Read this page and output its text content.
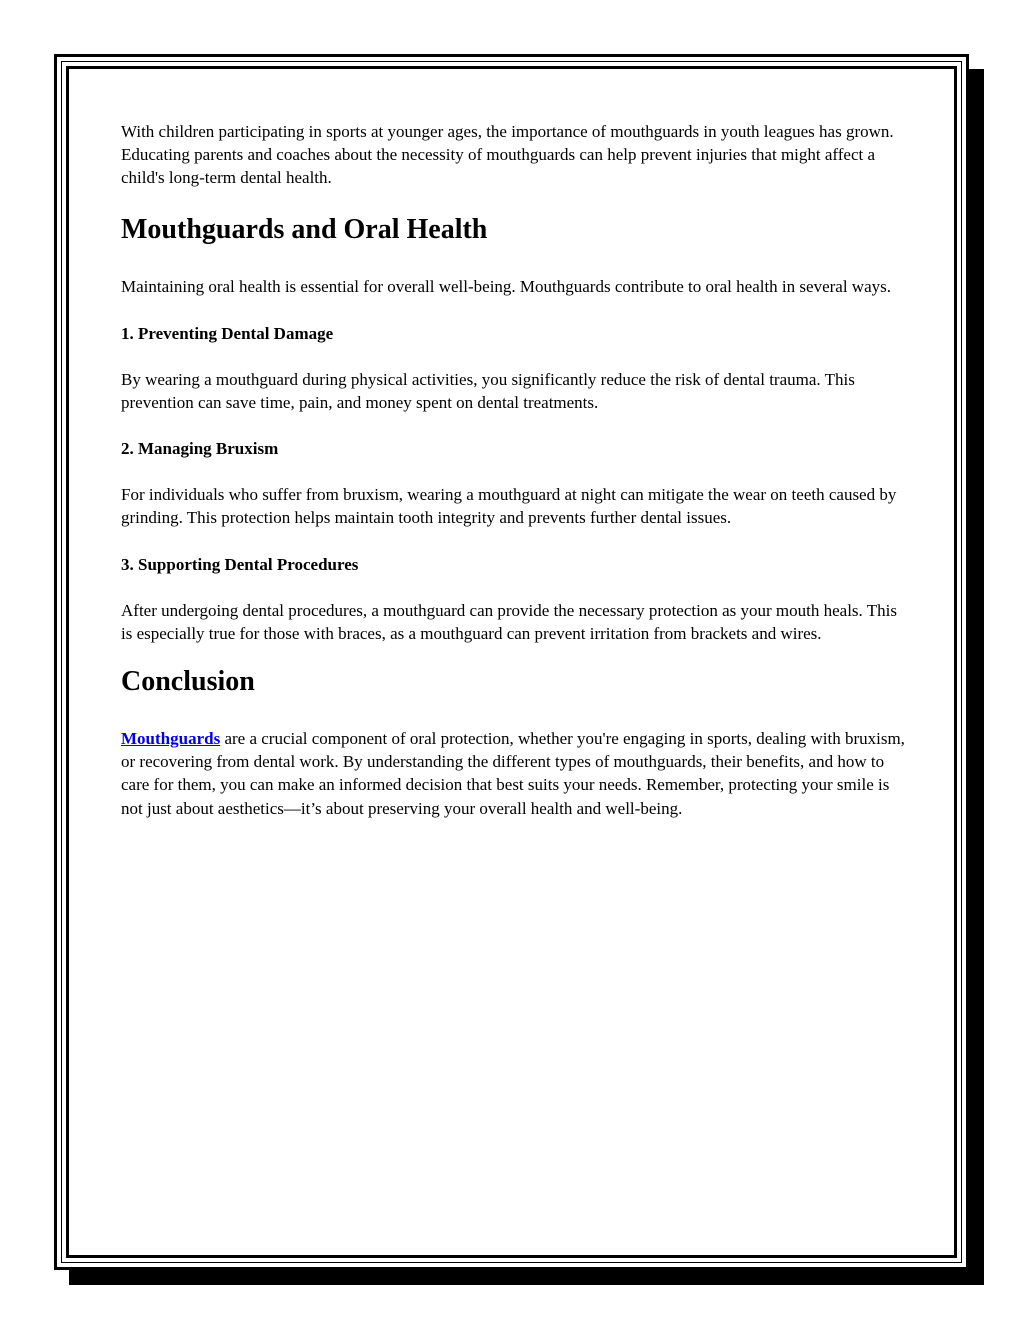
With children participating in sports at younger ages, the importance of mouthguards in youth leagues has grown. Educating parents and coaches about the necessity of mouthguards can help prevent injuries that might affect a child's long-term dental health.

Mouthguards and Oral Health

Maintaining oral health is essential for overall well-being. Mouthguards contribute to oral health in several ways.

1. Preventing Dental Damage

By wearing a mouthguard during physical activities, you significantly reduce the risk of dental trauma. This prevention can save time, pain, and money spent on dental treatments.

2. Managing Bruxism

For individuals who suffer from bruxism, wearing a mouthguard at night can mitigate the wear on teeth caused by grinding. This protection helps maintain tooth integrity and prevents further dental issues.

3. Supporting Dental Procedures

After undergoing dental procedures, a mouthguard can provide the necessary protection as your mouth heals. This is especially true for those with braces, as a mouthguard can prevent irritation from brackets and wires.

Conclusion

Mouthguards are a crucial component of oral protection, whether you're engaging in sports, dealing with bruxism, or recovering from dental work. By understanding the different types of mouthguards, their benefits, and how to care for them, you can make an informed decision that best suits your needs. Remember, protecting your smile is not just about aesthetics—it’s about preserving your overall health and well-being.
